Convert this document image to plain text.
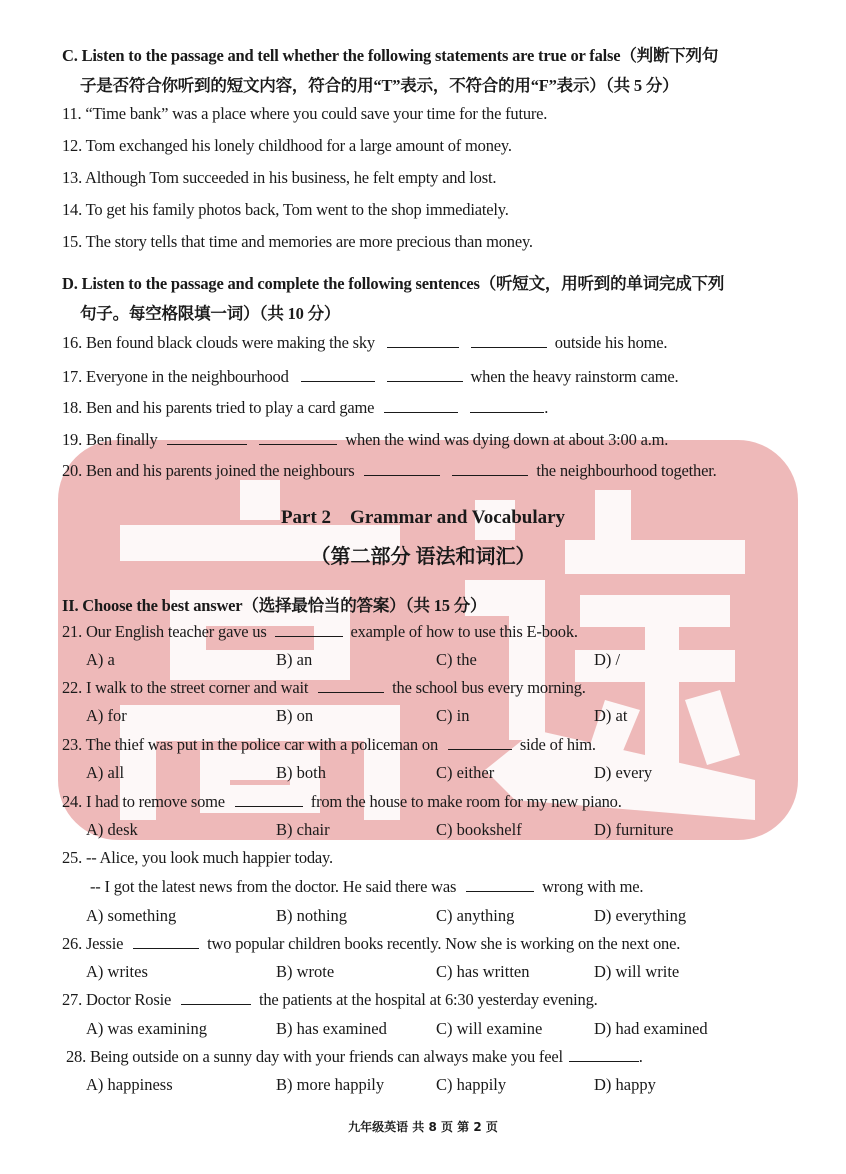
C. Listen to the passage and tell whether the following statements are true or false（判断下列句
子是否符合你听到的短文内容，符合的用“T”表示，不符合的用“F”表示）（共 5 分）
11. “Time bank” was a place where you could save your time for the future.
12. Tom exchanged his lonely childhood for a large amount of money.
13. Although Tom succeeded in his business, he felt empty and lost.
14. To get his family photos back, Tom went to the shop immediately.
15. The story tells that time and memories are more precious than money.
D. Listen to the passage and complete the following sentences（听短文，用听到的单词完成下列
句子。每空格限填一词）（共 10 分）
16. Ben found black clouds were making the sky	outside his home.
17. Everyone in the neighbourhood	when the heavy rainstorm came.
18. Ben and his parents tried to play a card game	.
19. Ben finally	when the wind was dying down at about 3:00 a.m.
20. Ben and his parents joined the neighbours	the neighbourhood together.
Part 2    Grammar and Vocabulary
（第二部分 语法和词汇）
II. Choose the best answer（选择最恰当的答案）（共 15 分）
21. Our English teacher gave us	example of how to use this E-book.
A) a	B) an	C) the	D) /
22. I walk to the street corner and wait	the school bus every morning.
A) for	B) on	C) in	D) at
23. The thief was put in the police car with a policeman on	side of him.
A) all	B) both	C) either	D) every
24. I had to remove some	from the house to make room for my new piano.
A) desk	B) chair	C) bookshelf	D) furniture
25. -- Alice, you look much happier today.
-- I got the latest news from the doctor. He said there was	wrong with me.
A) something	B) nothing	C) anything	D) everything
26. Jessie	two popular children books recently. Now she is working on the next one.
A) writes	B) wrote	C) has written	D) will write
27. Doctor Rosie	the patients at the hospital at 6:30 yesterday evening.
A) was examining	B) has examined	C) will examine	D) had examined
28. Being outside on a sunny day with your friends can always make you feel	.
A) happiness	B) more happily	C) happily	D) happy
九年级英语 共 8 页 第 2 页
